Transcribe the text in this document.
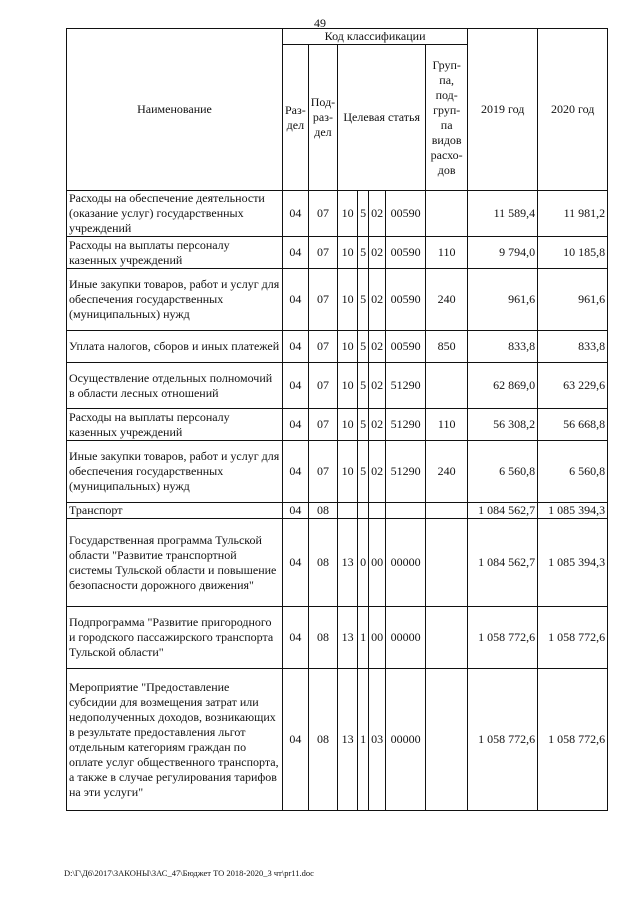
49
Наименование	Код классификации							2019 год	2020 год
	Раз-дел	Под-раз-дел	Целевая статья				Груп-па, под-груп-па видов расхо-дов		
Расходы на обеспечение деятельности (оказание услуг) государственных учреждений	04	07	10	5	02	00590		11 589,4	11 981,2
Расходы на выплаты персоналу казенных учреждений	04	07	10	5	02	00590	110	9 794,0	10 185,8
Иные закупки товаров, работ и услуг для обеспечения государственных (муниципальных) нужд	04	07	10	5	02	00590	240	961,6	961,6
Уплата налогов, сборов и иных платежей	04	07	10	5	02	00590	850	833,8	833,8
Осуществление отдельных полномочий в области лесных отношений	04	07	10	5	02	51290		62 869,0	63 229,6
Расходы на выплаты персоналу казенных учреждений	04	07	10	5	02	51290	110	56 308,2	56 668,8
Иные закупки товаров, работ и услуг для обеспечения государственных (муниципальных) нужд	04	07	10	5	02	51290	240	6 560,8	6 560,8
Транспорт	04	08						1 084 562,7	1 085 394,3
Государственная программа Тульской области "Развитие транспортной системы Тульской области и повышение безопасности дорожного движения"	04	08	13	0	00	00000		1 084 562,7	1 085 394,3
Подпрограмма "Развитие пригородного и городского пассажирского транспорта Тульской области"	04	08	13	1	00	00000		1 058 772,6	1 058 772,6
Мероприятие "Предоставление субсидии для возмещения затрат или недополученных доходов, возникающих в результате предоставления льгот отдельным категориям граждан по оплате услуг общественного транспорта, а также в случае регулирования тарифов на эти услуги"	04	08	13	1	03	00000		1 058 772,6	1 058 772,6
D:\Г\Д6\2017\ЗАКОНЫ\ЗАС_47\Бюджет ТО 2018-2020_3 чт\pr11.doc
